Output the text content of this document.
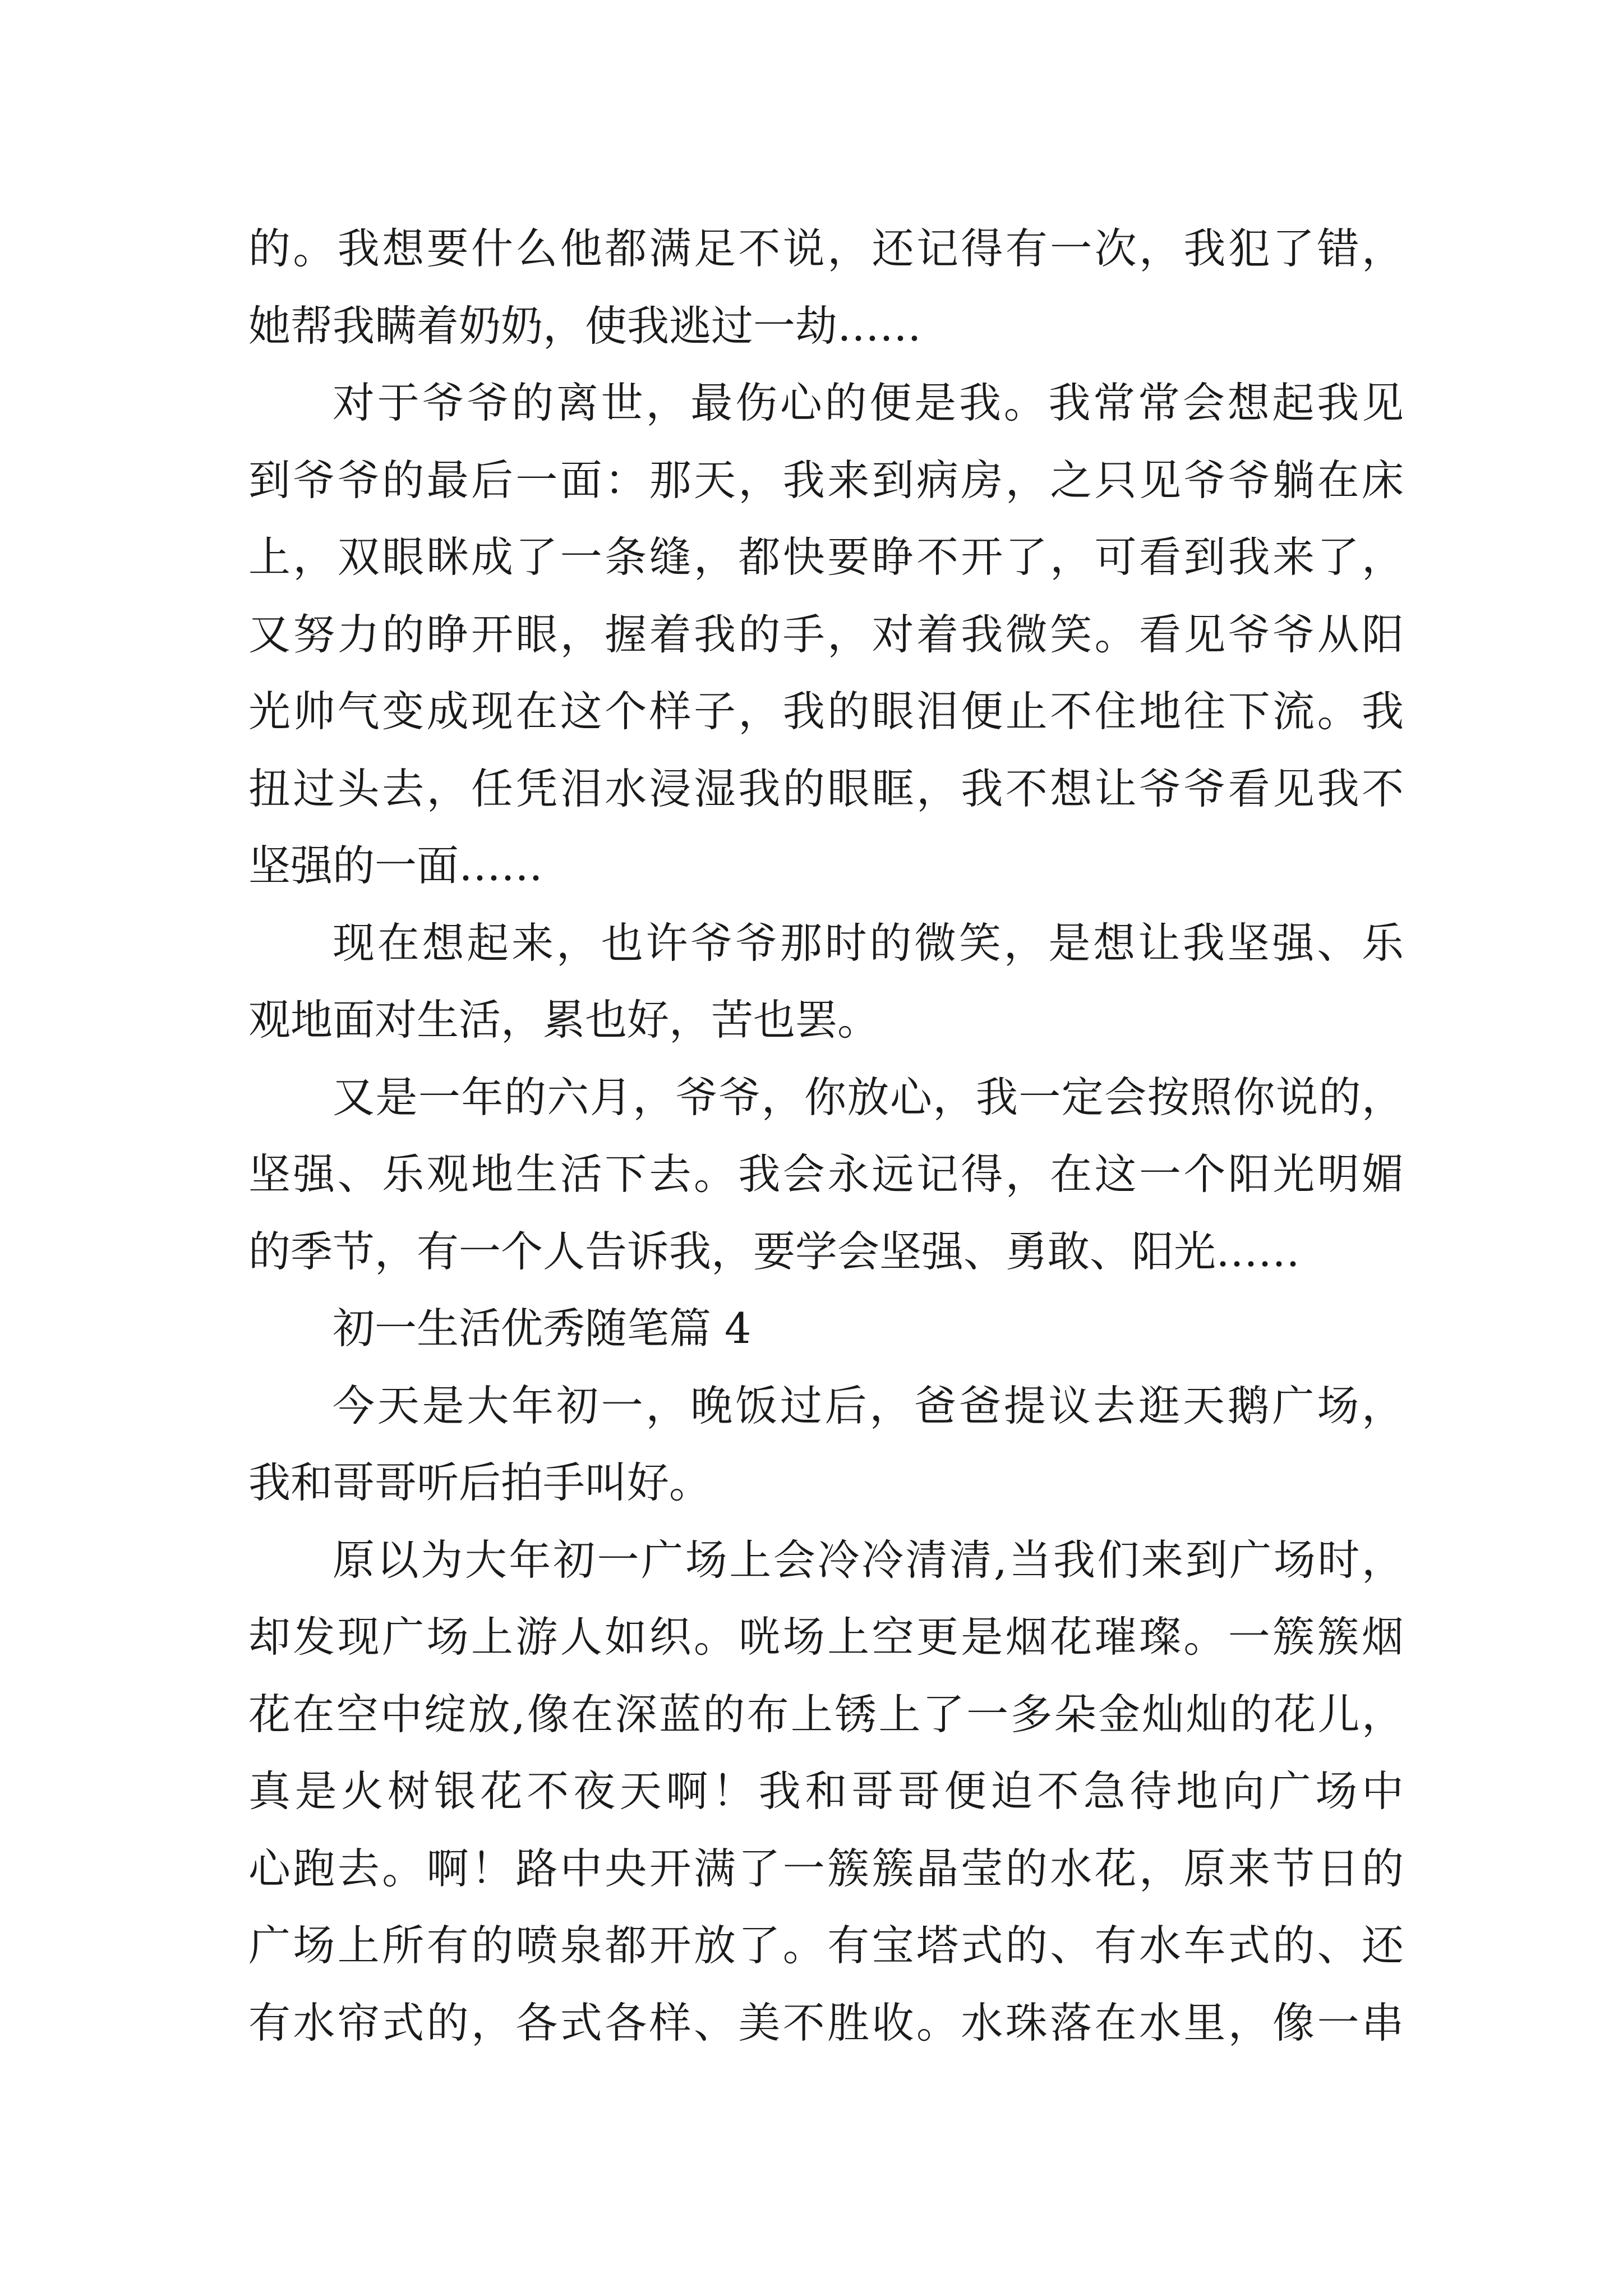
的。我想要什么他都满足不说，还记得有一次，我犯了错，
她帮我瞒着奶奶，使我逃过一劫……
对于爷爷的离世，最伤心的便是我。我常常会想起我见
到爷爷的最后一面：那天，我来到病房，之只见爷爷躺在床
上，双眼眯成了一条缝，都快要睁不开了，可看到我来了，
又努力的睁开眼，握着我的手，对着我微笑。看见爷爷从阳
光帅气变成现在这个样子，我的眼泪便止不住地往下流。我
扭过头去，任凭泪水浸湿我的眼眶，我不想让爷爷看见我不
坚强的一面……
现在想起来，也许爷爷那时的微笑，是想让我坚强、乐
观地面对生活，累也好，苦也罢。
又是一年的六月，爷爷，你放心，我一定会按照你说的，
坚强、乐观地生活下去。我会永远记得，在这一个阳光明媚
的季节，有一个人告诉我，要学会坚强、勇敢、阳光……
初一生活优秀随笔篇 4
今天是大年初一，晚饭过后，爸爸提议去逛天鹅广场，
我和哥哥听后拍手叫好。
原以为大年初一广场上会冷冷清清,当我们来到广场时，
却发现广场上游人如织。咣场上空更是烟花璀璨。一簇簇烟
花在空中绽放,像在深蓝的布上锈上了一多朵金灿灿的花儿，
真是火树银花不夜天啊！我和哥哥便迫不急待地向广场中
心跑去。啊！路中央开满了一簇簇晶莹的水花，原来节日的
广场上所有的喷泉都开放了。有宝塔式的、有水车式的、还
有水帘式的，各式各样、美不胜收。水珠落在水里，像一串
